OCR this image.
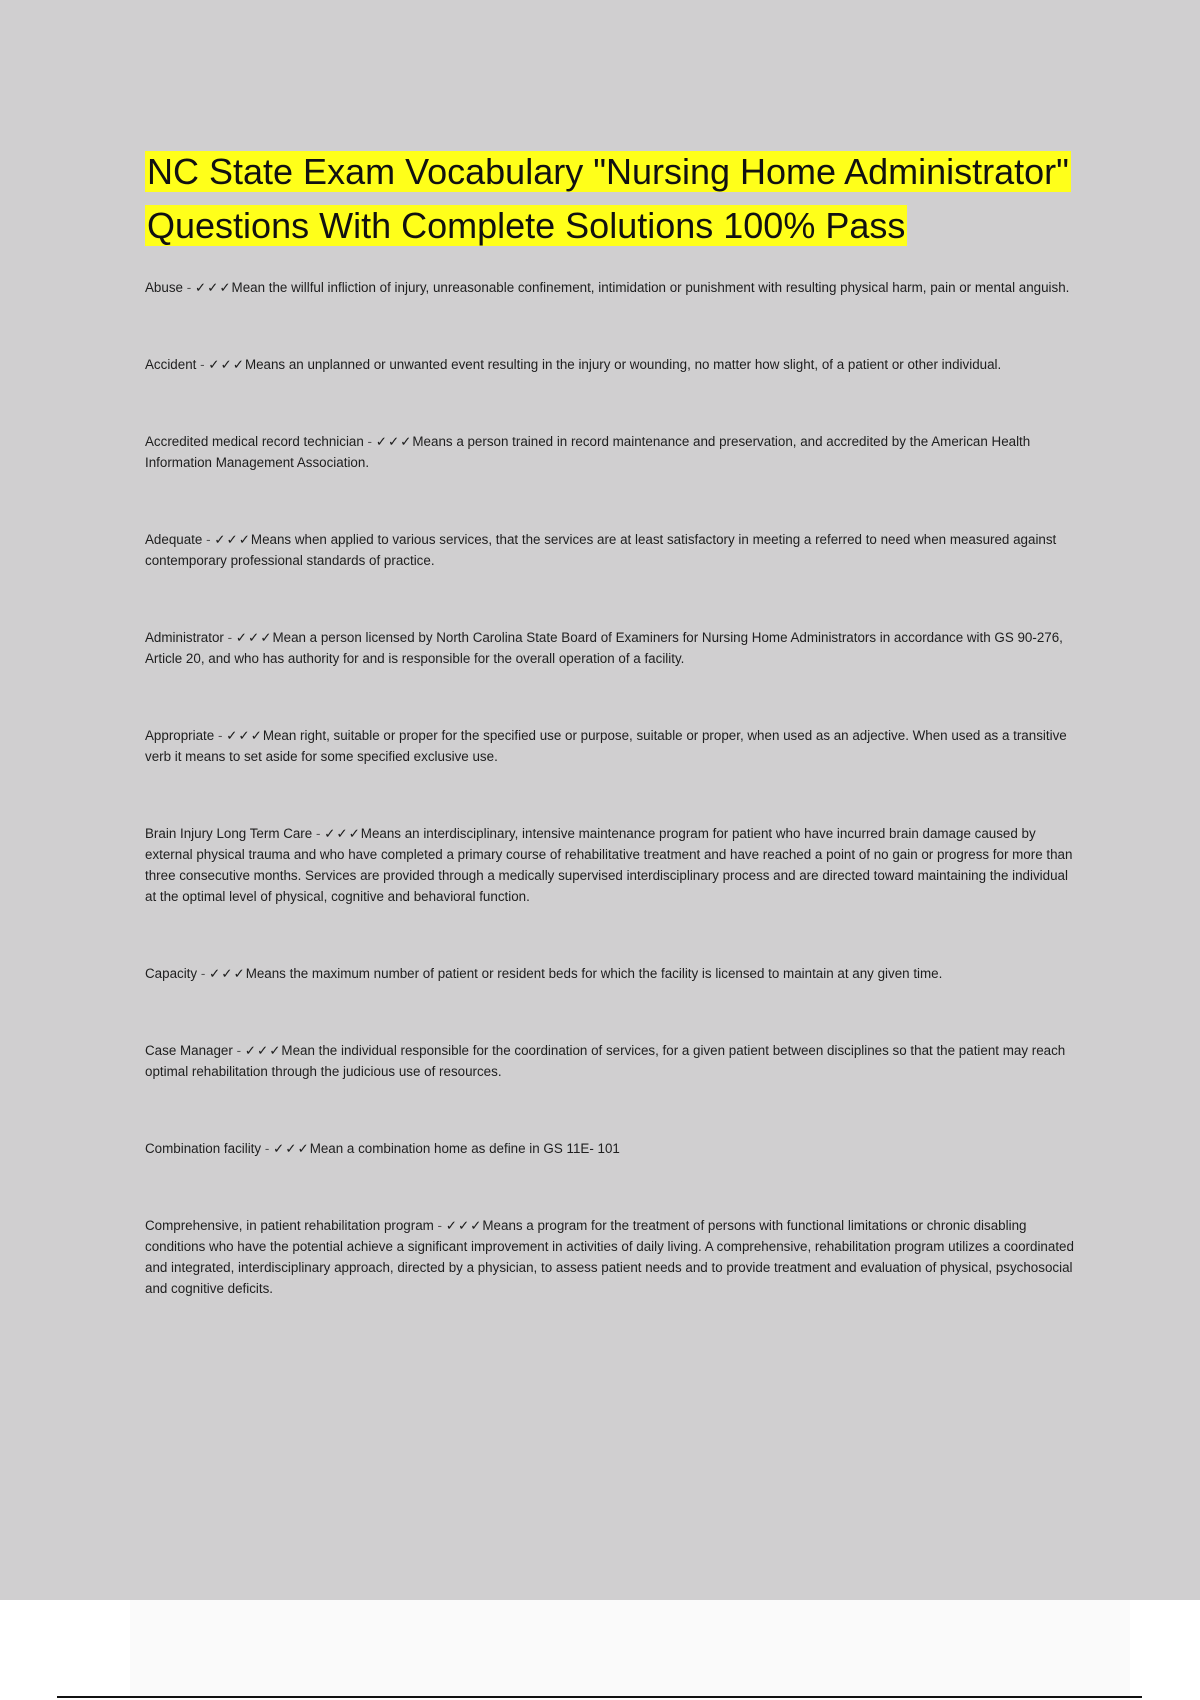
NC State Exam Vocabulary "Nursing Home Administrator" Questions With Complete Solutions 100% Pass

Abuse - ✓✓✓Mean the willful infliction of injury, unreasonable confinement, intimidation or punishment with resulting physical harm, pain or mental anguish.

Accident - ✓✓✓Means an unplanned or unwanted event resulting in the injury or wounding, no matter how slight, of a patient or other individual.

Accredited medical record technician - ✓✓✓Means a person trained in record maintenance and preservation, and accredited by the American Health Information Management Association.

Adequate - ✓✓✓Means when applied to various services, that the services are at least satisfactory in meeting a referred to need when measured against contemporary professional standards of practice.

Administrator - ✓✓✓Mean a person licensed by North Carolina State Board of Examiners for Nursing Home Administrators in accordance with GS 90-276, Article 20, and who has authority for and is responsible for the overall operation of a facility.

Appropriate - ✓✓✓Mean right, suitable or proper for the specified use or purpose, suitable or proper, when used as an adjective. When used as a transitive verb it means to set aside for some specified exclusive use.

Brain Injury Long Term Care - ✓✓✓Means an interdisciplinary, intensive maintenance program for patient who have incurred brain damage caused by external physical trauma and who have completed a primary course of rehabilitative treatment and have reached a point of no gain or progress for more than three consecutive months. Services are provided through a medically supervised interdisciplinary process and are directed toward maintaining the individual at the optimal level of physical, cognitive and behavioral function.

Capacity - ✓✓✓Means the maximum number of patient or resident beds for which the facility is licensed to maintain at any given time.

Case Manager - ✓✓✓Mean the individual responsible for the coordination of services, for a given patient between disciplines so that the patient may reach optimal rehabilitation through the judicious use of resources.

Combination facility - ✓✓✓Mean a combination home as define in GS 11E- 101

Comprehensive, in patient rehabilitation program - ✓✓✓Means a program for the treatment of persons with functional limitations or chronic disabling conditions who have the potential achieve a significant improvement in activities of daily living. A comprehensive, rehabilitation program utilizes a coordinated and integrated, interdisciplinary approach, directed by a physician, to assess patient needs and to provide treatment and evaluation of physical, psychosocial and cognitive deficits.
